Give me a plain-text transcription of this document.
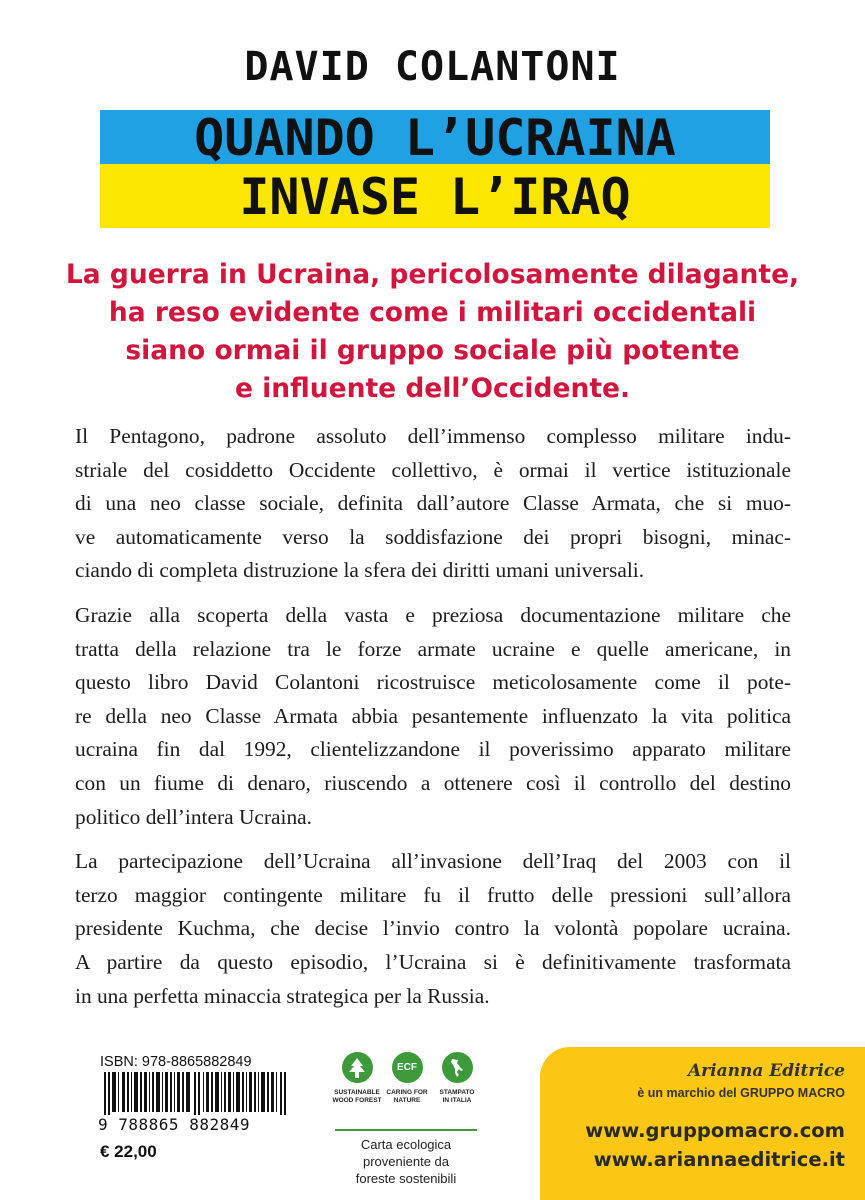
DAVID COLANTONI
QUANDO L’UCRAINA
INVASE L’IRAQ
La guerra in Ucraina, pericolosamente dilagante,
ha reso evidente come i militari occidentali
siano ormai il gruppo sociale più potente
e influente dell’Occidente.

Il Pentagono, padrone assoluto dell’immenso complesso militare indu-
striale del cosiddetto Occidente collettivo, è ormai il vertice istituzionale
di una neo classe sociale, definita dall’autore Classe Armata, che si muo-
ve automaticamente verso la soddisfazione dei propri bisogni, minac-
ciando di completa distruzione la sfera dei diritti umani universali.

Grazie alla scoperta della vasta e preziosa documentazione militare che
tratta della relazione tra le forze armate ucraine e quelle americane, in
questo libro David Colantoni ricostruisce meticolosamente come il pote-
re della neo Classe Armata abbia pesantemente influenzato la vita politica
ucraina fin dal 1992, clientelizzandone il poverissimo apparato militare
con un fiume di denaro, riuscendo a ottenere così il controllo del destino
politico dell’intera Ucraina.

La partecipazione dell’Ucraina all’invasione dell’Iraq del 2003 con il
terzo maggior contingente militare fu il frutto delle pressioni sull’allora
presidente Kuchma, che decise l’invio contro la volontà popolare ucraina.
A partire da questo episodio, l’Ucraina si è definitivamente trasformata
in una perfetta minaccia strategica per la Russia.

ISBN: 978-8865882849
9 788865 882849
€ 22,00
SUSTAINABLE
WOOD FOREST
ECF
CARING FOR
NATURE
STAMPATO
IN ITALIA
Carta ecologica
proveniente da
foreste sostenibili
Arianna Editrice
è un marchio del GRUPPO MACRO
www.gruppomacro.com
www.ariannaeditrice.it
